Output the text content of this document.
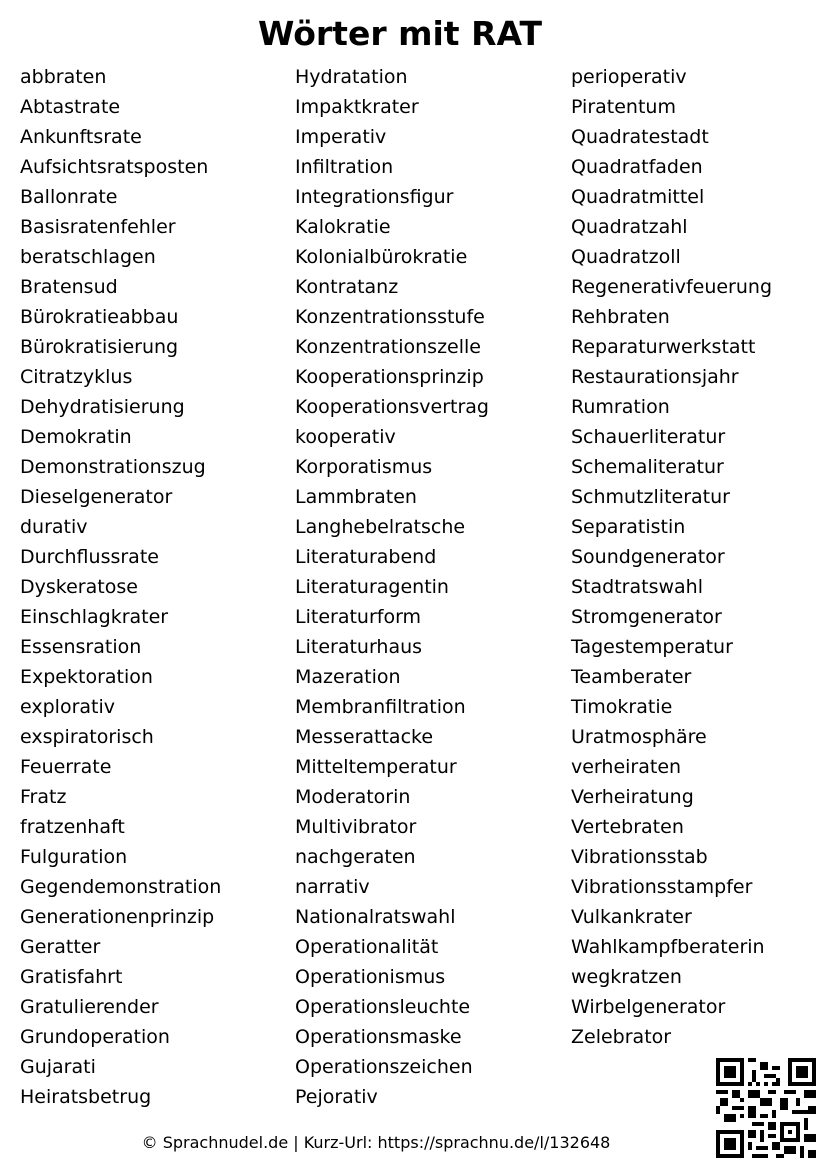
Wörter mit RAT
abbraten
Abtastrate
Ankunftsrate
Aufsichtsratsposten
Ballonrate
Basisratenfehler
beratschlagen
Bratensud
Bürokratieabbau
Bürokratisierung
Citratzyklus
Dehydratisierung
Demokratin
Demonstrationszug
Dieselgenerator
durativ
Durchflussrate
Dyskeratose
Einschlagkrater
Essensration
Expektoration
explorativ
exspiratorisch
Feuerrate
Fratz
fratzenhaft
Fulguration
Gegendemonstration
Generationenprinzip
Geratter
Gratisfahrt
Gratulierender
Grundoperation
Gujarati
Heiratsbetrug
Hydratation
Impaktkrater
Imperativ
Infiltration
Integrationsfigur
Kalokratie
Kolonialbürokratie
Kontratanz
Konzentrationsstufe
Konzentrationszelle
Kooperationsprinzip
Kooperationsvertrag
kooperativ
Korporatismus
Lammbraten
Langhebelratsche
Literaturabend
Literaturagentin
Literaturform
Literaturhaus
Mazeration
Membranfiltration
Messerattacke
Mitteltemperatur
Moderatorin
Multivibrator
nachgeraten
narrativ
Nationalratswahl
Operationalität
Operationismus
Operationsleuchte
Operationsmaske
Operationszeichen
Pejorativ
perioperativ
Piratentum
Quadratestadt
Quadratfaden
Quadratmittel
Quadratzahl
Quadratzoll
Regenerativfeuerung
Rehbraten
Reparaturwerkstatt
Restaurationsjahr
Rumration
Schauerliteratur
Schemaliteratur
Schmutzliteratur
Separatistin
Soundgenerator
Stadtratswahl
Stromgenerator
Tagestemperatur
Teamberater
Timokratie
Uratmosphäre
verheiraten
Verheiratung
Vertebraten
Vibrationsstab
Vibrationsstampfer
Vulkankrater
Wahlkampfberaterin
wegkratzen
Wirbelgenerator
Zelebrator
© Sprachnudel.de | Kurz-Url: https://sprachnu.de/l/132648
